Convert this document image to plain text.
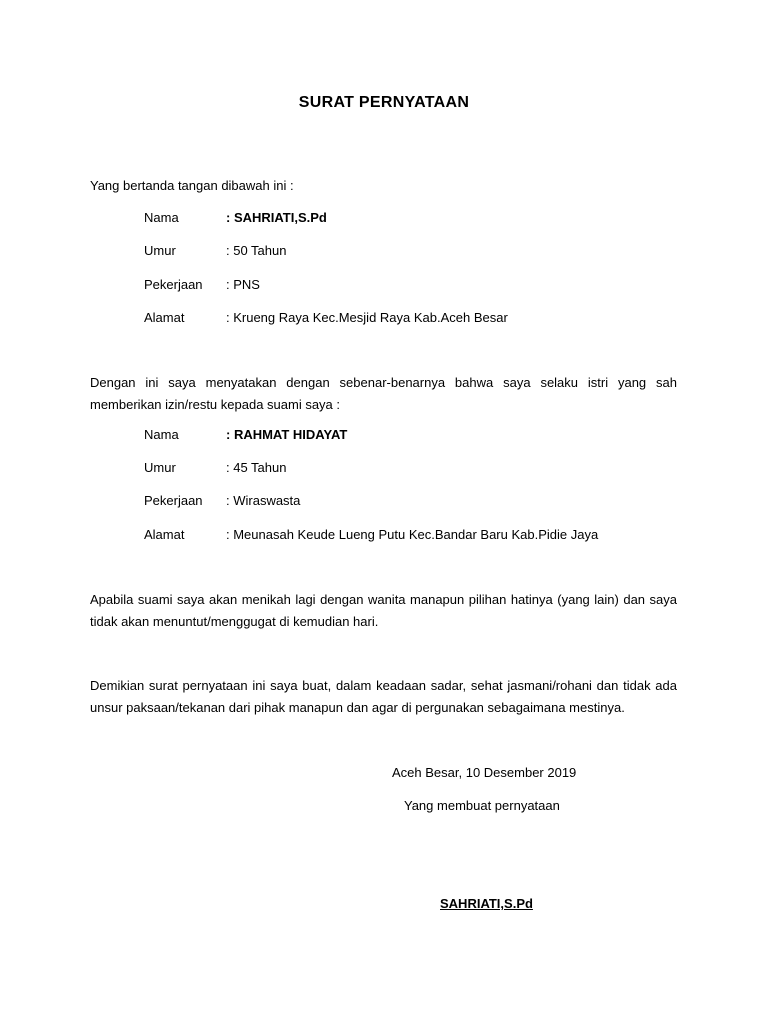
SURAT PERNYATAAN
Yang bertanda tangan dibawah ini :
Nama	: SAHRIATI,S.Pd
Umur	: 50 Tahun
Pekerjaan : PNS
Alamat	: Krueng Raya Kec.Mesjid Raya Kab.Aceh Besar
Dengan ini saya menyatakan dengan sebenar-benarnya bahwa saya selaku istri yang sah memberikan izin/restu kepada suami saya :
Nama	: RAHMAT HIDAYAT
Umur	: 45 Tahun
Pekerjaan : Wiraswasta
Alamat	: Meunasah Keude Lueng Putu Kec.Bandar Baru Kab.Pidie Jaya
Apabila suami saya akan menikah lagi dengan wanita manapun pilihan hatinya (yang lain) dan saya tidak akan menuntut/menggugat di kemudian hari.
Demikian surat pernyataan ini saya buat, dalam keadaan sadar, sehat jasmani/rohani dan tidak ada unsur paksaan/tekanan dari pihak manapun dan agar di pergunakan sebagaimana mestinya.
Aceh Besar, 10 Desember 2019
Yang membuat pernyataan
SAHRIATI,S.Pd
